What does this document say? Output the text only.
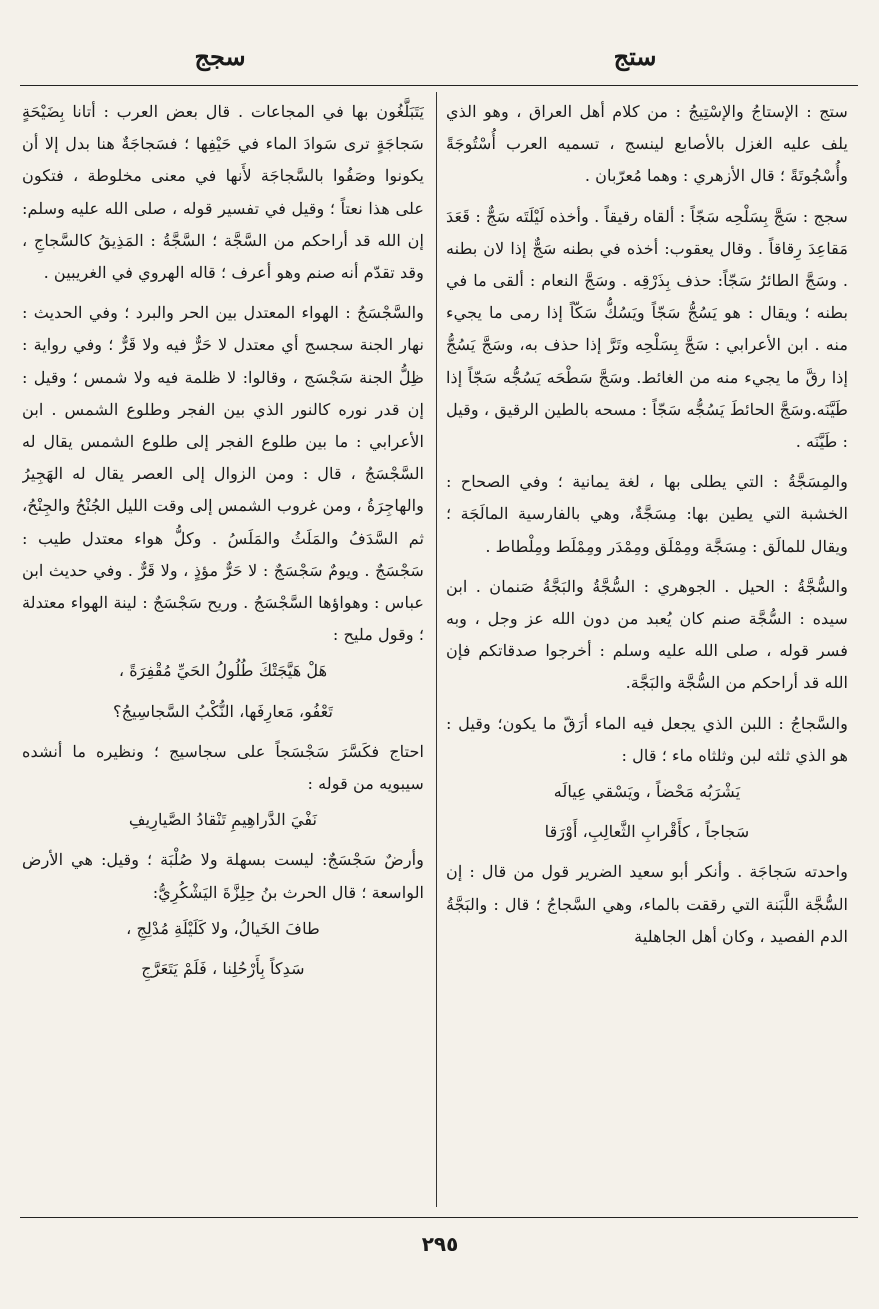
ستج
سجج

ستج : الإستاجُ والإسْتِيجُ : من كلام أهل العراق ، وهو الذي يلف عليه الغزل بالأصابع لينسج ، تسميه العرب أُسْتُوجَةً وأُسْجُوتَةً ؛ قال الأزهري : وهما مُعرّبان .

سجج : سَجَّ بِسَلْحِه سَجّاً : ألقاه رقيقاً . وأخذه لَيْلَتَه سَجٌّ : قَعَدَ مَقاعِدَ رِقاقاً . وقال يعقوب: أخذه في بطنه سَجٌّ إذا لان بطنه . وسَجَّ الطائرُ سَجّاً: حذف بِذَرْقِه . وسَجَّ النعام : ألقى ما في بطنه ؛ ويقال : هو يَسُجُّ سَجّاً ويَسُكُّ سَكّاً إذا رمى ما يجيء منه . ابن الأعرابي : سَجَّ بِسَلْحِه وتَرَّ إذا حذف به، وسَجَّ يَسُجُّ إذا رقَّ ما يجيء منه من الغائط. وسَجَّ سَطْحَه يَسُجُّه سَجّاً إذا طَيَّنَه.وسَجَّ الحائطَ يَسُجُّه سَجّاً : مسحه بالطين الرقيق ، وقيل : طَيَّنَه .

والمِسَجَّةُ : التي يطلى بها ، لغة يمانية ؛ وفي الصحاح : الخشبة التي يطين بها: مِسَجَّةٌ، وهي بالفارسية المالَجَة ؛ ويقال للمالَق : مِسَجَّة ومِمْلَق ومِمْدَر ومِمْلَط ومِلْطاط .

والسُّجَّةُ : الحيل . الجوهري : السُّجَّةُ والبَجَّةُ صَنمان . ابن سيده : السُّجَّة صنم كان يُعبد من دون الله عز وجل ، وبه فسر قوله ، صلى الله عليه وسلم : أخرجوا صدقاتكم فإن الله قد أراحكم من السُّجَّة والبَجَّة.

والسَّجاجُ : اللبن الذي يجعل فيه الماء أرَقّ ما يكون؛ وقيل : هو الذي ثلثه لبن وثلثاه ماء ؛ قال :

يَشْرَبُه مَحْضاً ، ويَسْقي عِيالَه

سَجاجاً ، كأَقْرابِ الثَّعالِبِ، أَوْرَقا

واحدته سَجاجَة . وأنكر أبو سعيد الضرير قول من قال : إن السُّجَّة اللَّبَنة التي رققت بالماء، وهي السَّجاجُ ؛ قال : والبَجَّةُ الدم الفصيد ، وكان أهل الجاهلية

يَتَبَلَّغُون بها في المجاعات . قال بعض العرب : أتانا بِضَيْحَةٍ سَجاجَةٍ ترى سَوادَ الماء في حَيْفِها ؛ فسَجاجَةٌ هنا بدل إلا أن يكونوا وصَفُوا بالسَّجاجَة لأَنها في معنى مخلوطة ، فتكون على هذا نعتاً ؛ وقيل في تفسير قوله ، صلى الله عليه وسلم: إن الله قد أراحكم من السَّجَّة ؛ السَّجَّةُ : المَذِيقُ كالسَّجاجِ ، وقد تقدّم أنه صنم وهو أعرف ؛ قاله الهروي في الغريبين .

والسَّجْسَجُ : الهواء المعتدل بين الحر والبرد ؛ وفي الحديث : نهار الجنة سجسج أي معتدل لا حَرٌّ فيه ولا قَرٌّ ؛ وفي رواية : ظِلُّ الجنة سَجْسَج ، وقالوا: لا ظلمة فيه ولا شمس ؛ وقيل : إن قدر نوره كالنور الذي بين الفجر وطلوع الشمس . ابن الأعرابي : ما بين طلوع الفجر إلى طلوع الشمس يقال له السَّجْسَجُ ، قال : ومن الزوال إلى العصر يقال له الهَجِيرُ والهاجِرَةُ ، ومن غروب الشمس إلى وقت الليل الجُنْحُ والجِنْحُ، ثم السَّدَفُ والمَلَثُ والمَلَسُ . وكلُّ هواء معتدل طيب : سَجْسَجٌ . ويومٌ سَجْسَجٌ : لا حَرٌّ مؤذٍ ، ولا قَرٌّ . وفي حديث ابن عباس : وهواؤها السَّجْسَجُ . وريح سَجْسَجٌ : لينة الهواء معتدلة ؛ وقول مليح :

هَلْ هَيَّجَتْكَ طُلُولُ الحَيِّ مُقْفِرَةً ،

تَعْفُو، مَعارِفَها، النُّكْبُ السَّجاسِيجُ؟

احتاج فكَسَّرَ سَجْسَجاً على سجاسيج ؛ ونظيره ما أنشده سيبويه من قوله :

نَفْيَ الدَّراهِيمِ تَنْقادُ الصَّيارِيفِ

وأرضٌ سَجْسَجٌ: ليست بسهلة ولا صُلْبَة ؛ وقيل: هي الأرض الواسعة ؛ قال الحرث بنُ حِلِزَّةَ اليَشْكُرِيُّ:

طافَ الخَيالُ، ولا كَلَيْلَةِ مُدْلِجِ ،

سَدِكاً بِأَرْحُلِنا ، فَلَمْ يَتَعَرَّجِ

٢٩٥
